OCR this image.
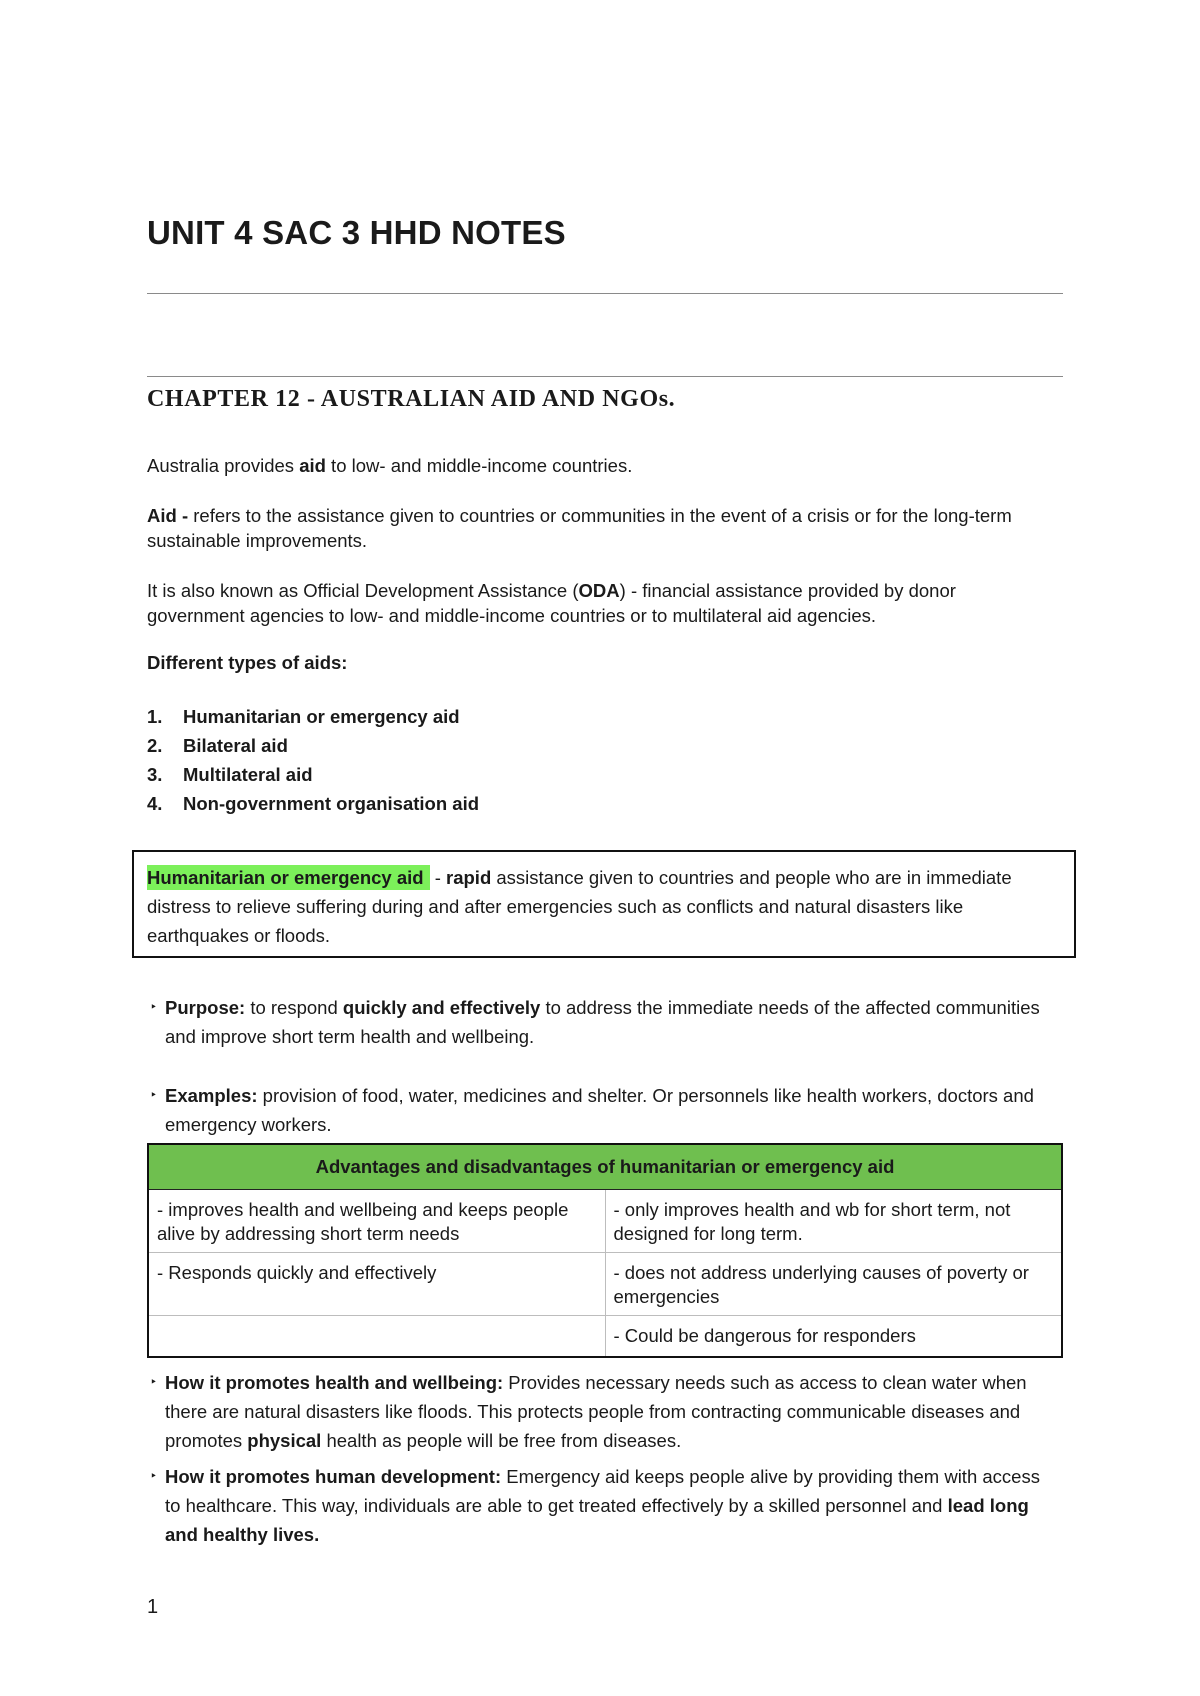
UNIT 4 SAC 3 HHD NOTES
CHAPTER 12 - AUSTRALIAN AID AND NGOs.

Australia provides aid to low- and middle-income countries.

Aid - refers to the assistance given to countries or communities in the event of a crisis or for the long-term sustainable improvements.

It is also known as Official Development Assistance (ODA) - financial assistance provided by donor government agencies to low- and middle-income countries or to multilateral aid agencies.

Different types of aids:

1. Humanitarian or emergency aid
2. Bilateral aid
3. Multilateral aid
4. Non-government organisation aid
Humanitarian or emergency aid - rapid assistance given to countries and people who are in immediate distress to relieve suffering during and after emergencies such as conflicts and natural disasters like earthquakes or floods.
‣ Purpose: to respond quickly and effectively to address the immediate needs of the affected communities and improve short term health and wellbeing.
‣ Examples: provision of food, water, medicines and shelter. Or personnels like health workers, doctors and emergency workers.
Advantages and disadvantages of humanitarian or emergency aid	
- improves health and wellbeing and keeps people alive by addressing short term needs	- only improves health and wb for short term, not designed for long term.
- Responds quickly and effectively	- does not address underlying causes of poverty or emergencies
	- Could be dangerous for responders
‣ How it promotes health and wellbeing: Provides necessary needs such as access to clean water when there are natural disasters like floods. This protects people from contracting communicable diseases and promotes physical health as people will be free from diseases.
‣ How it promotes human development: Emergency aid keeps people alive by providing them with access to healthcare. This way, individuals are able to get treated effectively by a skilled personnel and lead long and healthy lives.
1
